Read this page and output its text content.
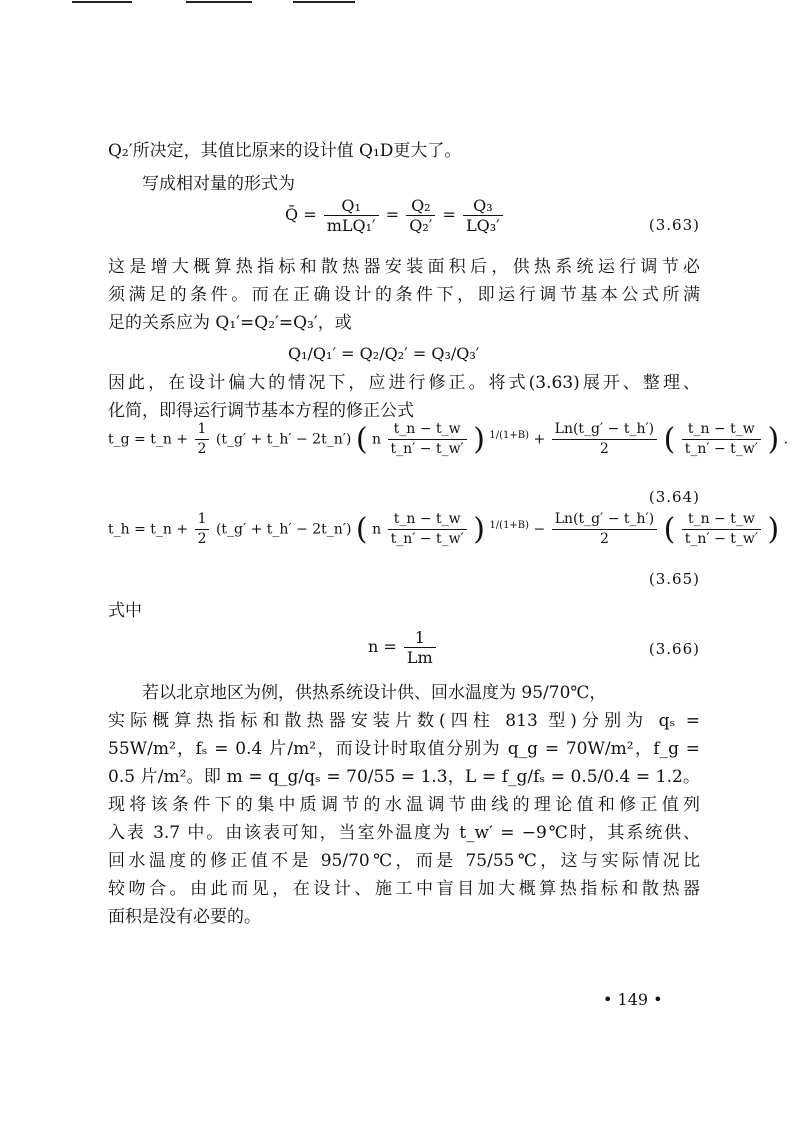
Q₂′所决定，其值比原来的设计值 Q₁D更大了。
写成相对量的形式为
Q̄ = $\frac{\text{Q₁}}{\text{mLQ₁′}} = \frac{\text{Q₂}}{\text{Q₂′}} = \frac{\text{Q₃}}{\text{LQ₃′}}$	(3.63)
这是增大概算热指标和散热器安装面积后，供热系统运行调节必
须满足的条件。而在正确设计的条件下，即运行调节基本公式所满
足的关系应为 Q₁′=Q₂′=Q₃′，或
Q₁/Q₁′ = Q₂/Q₂′ = Q₃/Q₃′
因此，在设计偏大的情况下，应进行修正。将式(3.63)展开、整理、
化简，即得运行调节基本方程的修正公式
t_g = t_n + $\frac{1}{2}$ (t_g′ + t_h′ − 2t_n′) ( n $\frac{t\_n - t\_w}{t\_n' - t\_w'}$ ) $^{1/(1+B)} + \frac{Ln(t\_g' - t\_h')}{2}$ ( $\frac{t\_n - t\_w}{t\_n' - t\_w'}$ ) .
(3.64)
t_h = t_n + $\frac{1}{2}$ (t_g′ + t_h′ − 2t_n′) ( n $\frac{t\_n - t\_w}{t\_n' - t\_w'}$ ) $^{1/(1+B)} - \frac{Ln(t\_g' - t\_h')}{2}$ ( $\frac{t\_n - t\_w}{t\_n' - t\_w'}$ )
(3.65)
式中
$n = \frac{1}{Lm}$	(3.66)
若以北京地区为例，供热系统设计供、回水温度为 95/70℃，
实际概算热指标和散热器安装片数(四柱 813 型)分别为 qₛ =
55W/m²，fₛ = 0.4 片/m²，而设计时取值分别为 q_g = 70W/m²，f_g =
0.5 片/m²。即 m = q_g/qₛ = 70/55 = 1.3，L = f_g/fₛ = 0.5/0.4 = 1.2。
现将该条件下的集中质调节的水温调节曲线的理论值和修正值列
入表 3.7 中。由该表可知，当室外温度为 t_w′ = −9℃时，其系统供、
回水温度的修正值不是 95/70℃，而是 75/55℃，这与实际情况比
较吻合。由此而见，在设计、施工中盲目加大概算热指标和散热器
面积是没有必要的。
• 149 •
